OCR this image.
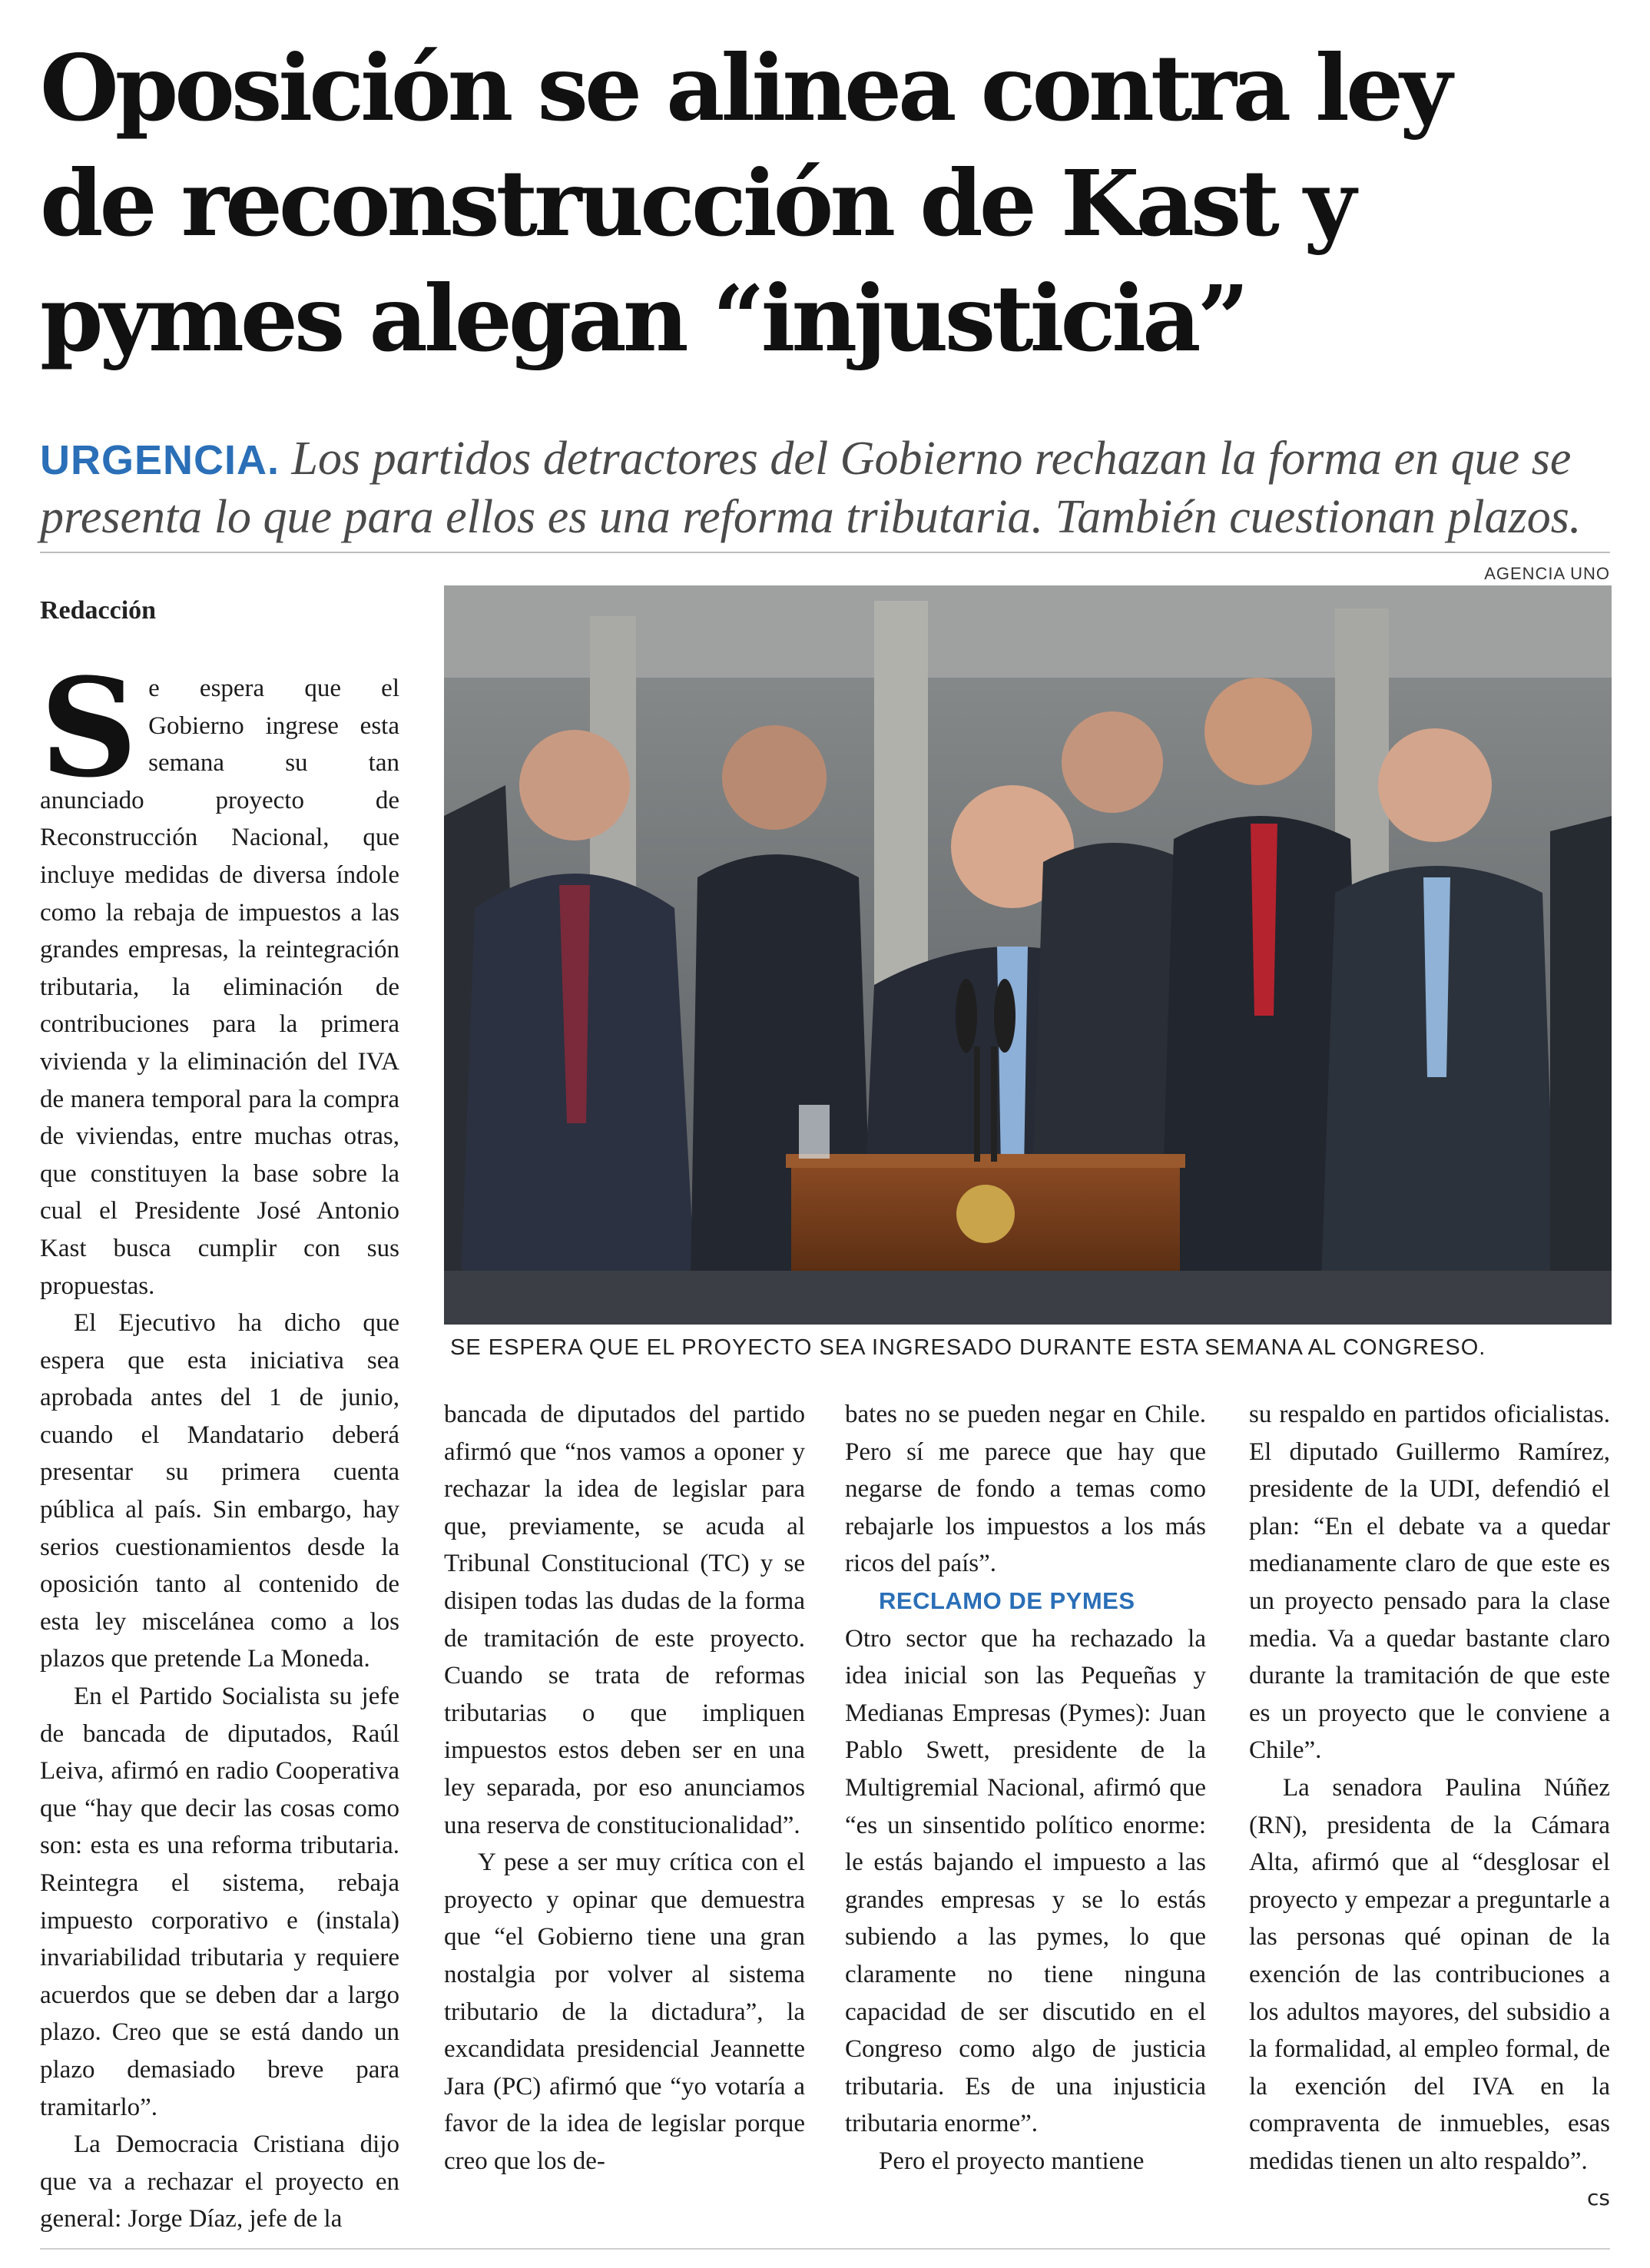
Oposición se alinea contra ley
de reconstrucción de Kast y
pymes alegan “injusticia”
URGENCIA. Los partidos detractores del Gobierno rechazan la forma en que se presenta lo que para ellos es una reforma tributaria. También cuestionan plazos.
AGENCIA UNO
Redacción
SE ESPERA QUE EL PROYECTO SEA INGRESADO DURANTE ESTA SEMANA AL CONGRESO.
S e espera que el Gobierno ingrese esta semana su tan anunciado proyecto de Reconstrucción Nacional, que incluye medidas de diversa índole como la rebaja de impuestos a las grandes empresas, la reintegración tributaria, la eliminación de contribuciones para la primera vivienda y la eliminación del IVA de manera temporal para la compra de viviendas, entre muchas otras, que constituyen la base sobre la cual el Presidente José Antonio Kast busca cumplir con sus propuestas.

El Ejecutivo ha dicho que espera que esta iniciativa sea aprobada antes del 1 de junio, cuando el Mandatario deberá presentar su primera cuenta pública al país. Sin embargo, hay serios cuestionamientos desde la oposición tanto al contenido de esta ley miscelánea como a los plazos que pretende La Moneda.

En el Partido Socialista su jefe de bancada de diputados, Raúl Leiva, afirmó en radio Cooperativa que “hay que decir las cosas como son: esta es una reforma tributaria. Reintegra el sistema, rebaja impuesto corporativo e (instala) invariabilidad tributaria y requiere acuerdos que se deben dar a largo plazo. Creo que se está dando un plazo demasiado breve para tramitarlo”.

La Democracia Cristiana dijo que va a rechazar el proyecto en general: Jorge Díaz, jefe de la

bancada de diputados del partido afirmó que “nos vamos a oponer y rechazar la idea de legislar para que, previamente, se acuda al Tribunal Constitucional (TC) y se disipen todas las dudas de la forma de tramitación de este proyecto. Cuando se trata de reformas tributarias o que impliquen impuestos estos deben ser en una ley separada, por eso anunciamos una reserva de constitucionalidad”.

Y pese a ser muy crítica con el proyecto y opinar que demuestra que “el Gobierno tiene una gran nostalgia por volver al sistema tributario de la dictadura”, la excandidata presidencial Jeannette Jara (PC) afirmó que “yo votaría a favor de la idea de legislar porque creo que los de-

bates no se pueden negar en Chile. Pero sí me parece que hay que negarse de fondo a temas como rebajarle los impuestos a los más ricos del país”.

RECLAMO DE PYMES

Otro sector que ha rechazado la idea inicial son las Pequeñas y Medianas Empresas (Pymes): Juan Pablo Swett, presidente de la Multigremial Nacional, afirmó que “es un sinsentido político enorme: le estás bajando el impuesto a las grandes empresas y se lo estás subiendo a las pymes, lo que claramente no tiene ninguna capacidad de ser discutido en el Congreso como algo de justicia tributaria. Es de una injusticia tributaria enorme”.

Pero el proyecto mantiene

su respaldo en partidos oficialistas. El diputado Guillermo Ramírez, presidente de la UDI, defendió el plan: “En el debate va a quedar medianamente claro de que este es un proyecto pensado para la clase media. Va a quedar bastante claro durante la tramitación de que este es un proyecto que le conviene a Chile”.

La senadora Paulina Núñez (RN), presidenta de la Cámara Alta, afirmó que al “desglosar el proyecto y empezar a preguntarle a las personas qué opinan de la exención de las contribuciones a los adultos mayores, del subsidio a la formalidad, al empleo formal, de la exención del IVA en la compraventa de inmuebles, esas medidas tienen un alto respaldo”.

cs
